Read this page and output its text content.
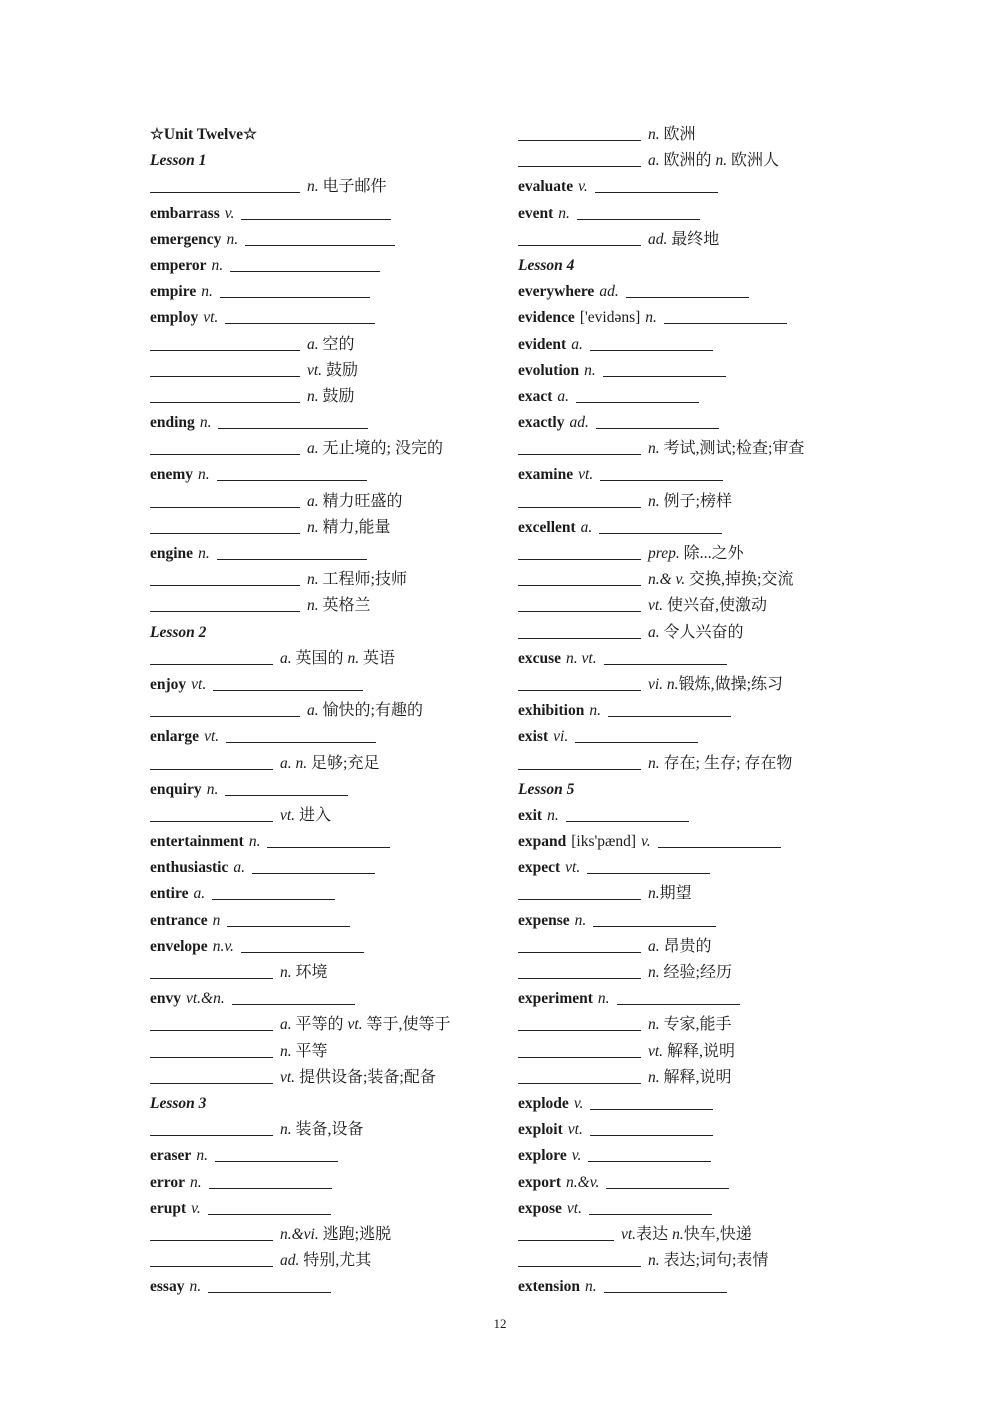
☆Unit Twelve☆
Lesson 1
n. 电子邮件
embarrass v.
emergency n.
emperor n.
empire n.
employ vt.
a. 空的
vt. 鼓励
n. 鼓励
ending n.
a. 无止境的; 没完的
enemy n.
a. 精力旺盛的
n. 精力,能量
engine n.
n. 工程师;技师
n. 英格兰
Lesson 2
a. 英国的 n. 英语
enjoy vt.
a. 愉快的;有趣的
enlarge vt.
a. n. 足够;充足
enquiry n.
vt. 进入
entertainment n.
enthusiastic a.
entire a.
entrance n
envelope n.v.
n. 环境
envy vt.&n.
a. 平等的 vt. 等于,使等于
n. 平等
vt. 提供设备;装备;配备
Lesson 3
n. 装备,设备
eraser n.
error n.
erupt v.
n.&vi. 逃跑;逃脱
ad. 特别,尤其
essay n.
n. 欧洲
a. 欧洲的 n. 欧洲人
evaluate v.
event n.
ad. 最终地
Lesson 4
everywhere ad.
evidence ['evidəns] n.
evident a.
evolution n.
exact a.
exactly ad.
n. 考试,测试;检查;审查
examine vt.
n. 例子;榜样
excellent a.
prep. 除...之外
n.& v. 交换,掉换;交流
vt. 使兴奋,使激动
a. 令人兴奋的
excuse n. vt.
vi. n.锻炼,做操;练习
exhibition n.
exist vi.
n. 存在; 生存; 存在物
Lesson 5
exit n.
expand [iks'pænd] v.
expect vt.
n.期望
expense n.
a. 昂贵的
n. 经验;经历
experiment n.
n. 专家,能手
vt. 解释,说明
n. 解释,说明
explode v.
exploit vt.
explore v.
export n.&v.
expose vt.
vt.表达 n.快车,快递
n. 表达;词句;表情
extension n.
12
